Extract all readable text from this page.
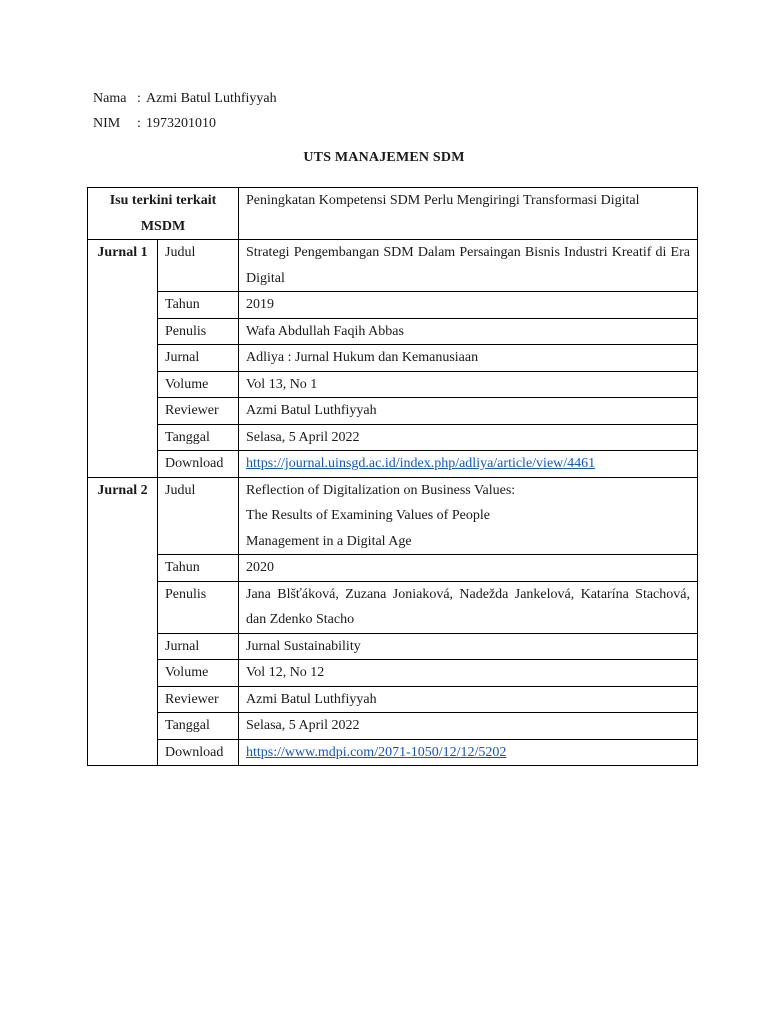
Nama : Azmi Batul Luthfiyyah
NIM	: 1973201010
UTS MANAJEMEN SDM
Isu terkini terkait MSDM		Peningkatan Kompetensi SDM Perlu Mengiringi Transformasi Digital
Jurnal 1	Judul	Strategi Pengembangan SDM Dalam Persaingan Bisnis Industri Kreatif di Era Digital
	Tahun	2019
	Penulis	Wafa Abdullah Faqih Abbas
	Jurnal	Adliya : Jurnal Hukum dan Kemanusiaan
	Volume	Vol 13, No 1
	Reviewer	Azmi Batul Luthfiyyah
	Tanggal	Selasa, 5 April 2022
	Download	https://journal.uinsgd.ac.id/index.php/adliya/article/view/4461
Jurnal 2	Judul	Reflection of Digitalization on Business Values:
The Results of Examining Values of People
Management in a Digital Age

	Tahun	2020
	Penulis	Jana Blšťáková, Zuzana Joniaková, Nadežda Jankelová, Katarína Stachová, dan Zdenko Stacho
	Jurnal	Jurnal Sustainability
	Volume	Vol 12, No 12
	Reviewer	Azmi Batul Luthfiyyah
	Tanggal	Selasa, 5 April 2022
	Download	https://www.mdpi.com/2071-1050/12/12/5202
